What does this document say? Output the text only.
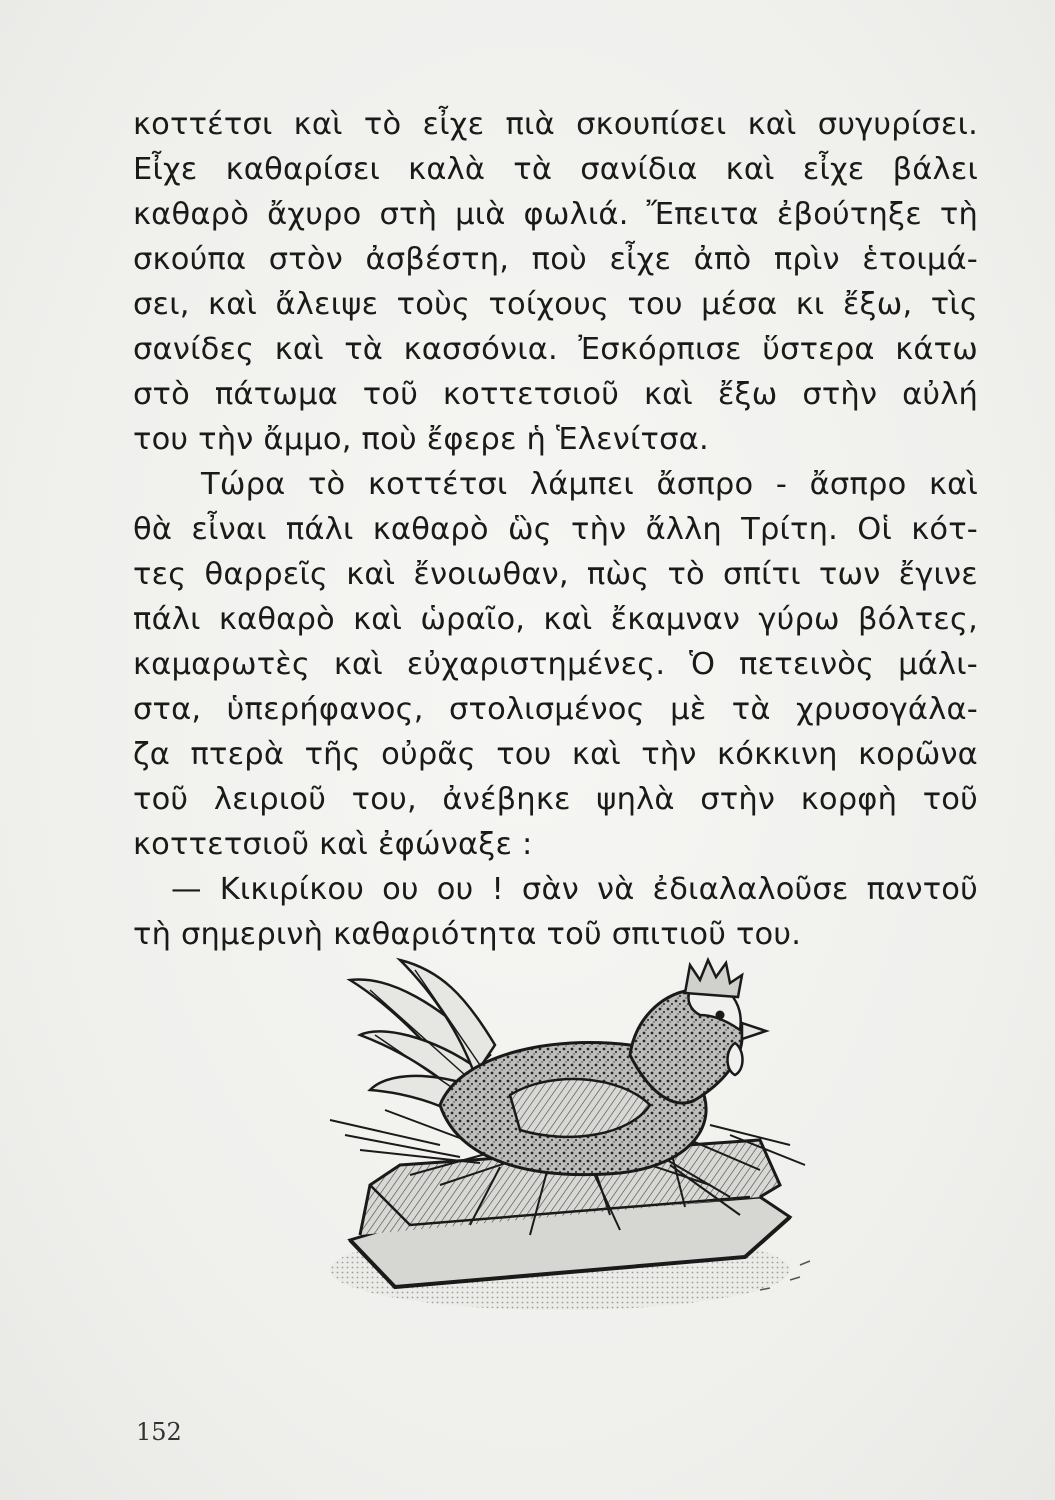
κοττέτσι καὶ τὸ εἶχε πιὰ σκουπίσει καὶ συγυρίσει.
Εἶχε καθαρίσει καλὰ τὰ σανίδια καὶ εἶχε βάλει
καθαρὸ ἄχυρο στὴ μιὰ φωλιά. Ἔπειτα ἐβούτηξε τὴ
σκούπα στὸν ἀσβέστη, ποὺ εἶχε ἀπὸ πρὶν ἑτοιμά-
σει, καὶ ἄλειψε τοὺς τοίχους του μέσα κι ἔξω, τὶς
σανίδες καὶ τὰ κασσόνια. Ἐσκόρπισε ὕστερα κάτω
στὸ πάτωμα τοῦ κοττετσιοῦ καὶ ἔξω στὴν αὐλή
του τὴν ἄμμο, ποὺ ἔφερε ἡ Ἑλενίτσα.
Τώρα τὸ κοττέτσι λάμπει ἄσπρο - ἄσπρο καὶ
θὰ εἶναι πάλι καθαρὸ ὣς τὴν ἄλλη Τρίτη. Οἱ κότ-
τες θαρρεῖς καὶ ἔνοιωθαν, πὼς τὸ σπίτι των ἔγινε
πάλι καθαρὸ καὶ ὡραῖο, καὶ ἔκαμναν γύρω βόλτες,
καμαρωτὲς καὶ εὐχαριστημένες. Ὁ πετεινὸς μάλι-
στα, ὑπερήφανος, στολισμένος μὲ τὰ χρυσογάλα-
ζα πτερὰ τῆς οὐρᾶς του καὶ τὴν κόκκινη κορῶνα
τοῦ λειριοῦ του, ἀνέβηκε ψηλὰ στὴν κορφὴ τοῦ
κοττετσιοῦ καὶ ἐφώναξε :
— Κικιρίκου ου ου ! σὰν νὰ ἐδιαλαλοῦσε παντοῦ
τὴ σημερινὴ καθαριότητα τοῦ σπιτιοῦ του.
152
